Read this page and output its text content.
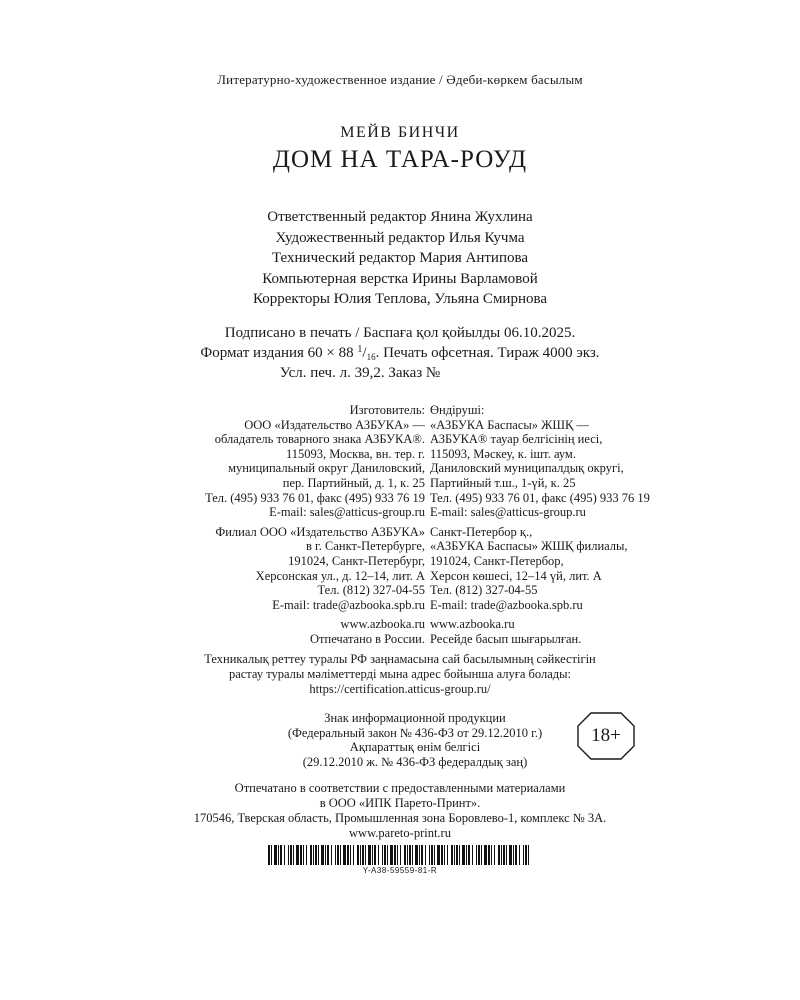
Литературно-художественное издание / Әдеби-көркем басылым
МЕЙВ БИНЧИ
ДОМ НА ТАРА-РОУД
Ответственный редактор Янина Жухлина
Художественный редактор Илья Кучма
Технический редактор Мария Антипова
Компьютерная верстка Ирины Варламовой
Корректоры Юлия Теплова, Ульяна Смирнова
Подписано в печать / Баспаға қол қойылды 06.10.2025.
Формат издания 60 × 88 $^1/_{16}$. Печать офсетная. Тираж 4000 экз.
Усл. печ. л. 39,2. Заказ №
Изготовитель:
ООО «Издательство АЗБУКА» —
обладатель товарного знака АЗБУКА®.
115093, Москва, вн. тер. г.
муниципальный округ Даниловский,
пер. Партийный, д. 1, к. 25
Тел. (495) 933 76 01, факс (495) 933 76 19
E-mail: sales@atticus-group.ru
Филиал ООО «Издательство АЗБУКА»
в г. Санкт-Петербурге,
191024, Санкт-Петербург,
Херсонская ул., д. 12–14, лит. А
Тел. (812) 327-04-55
E-mail: trade@azbooka.spb.ru
www.azbooka.ru
Отпечатано в России.
Өндіруші:
«АЗБУКА Баспасы» ЖШҚ —
АЗБУКА® тауар белгісінің иесі,
115093, Мәскеу, к. ішт. аум.
Даниловский муниципалдық округі,
Партийный т.ш., 1-үй, к. 25
Тел. (495) 933 76 01, факс (495) 933 76 19
E-mail: sales@atticus-group.ru
Санкт-Петербор қ.,
«АЗБУКА Баспасы» ЖШҚ филиалы,
191024, Санкт-Петербор,
Херсон көшесі, 12–14 үй, лит. А
Тел. (812) 327-04-55
E-mail: trade@azbooka.spb.ru
www.azbooka.ru
Ресейде басып шығарылған.
Техникалық реттеу туралы РФ заңнамасына сай басылымның сәйкестігін
растау туралы мәліметтерді мына адрес бойынша алуға болады:
https://certification.atticus-group.ru/
Знак информационной продукции
(Федеральный закон № 436-ФЗ от 29.12.2010 г.)
Ақпараттық өнім белгісі
(29.12.2010 ж. № 436-ФЗ федералдық заң)
18+
Отпечатано в соответствии с предоставленными материалами
в ООО «ИПК Парето-Принт».
170546, Тверская область, Промышленная зона Боровлево-1, комплекс № 3А.
www.pareto-print.ru
Y-A38-59559-81-R
